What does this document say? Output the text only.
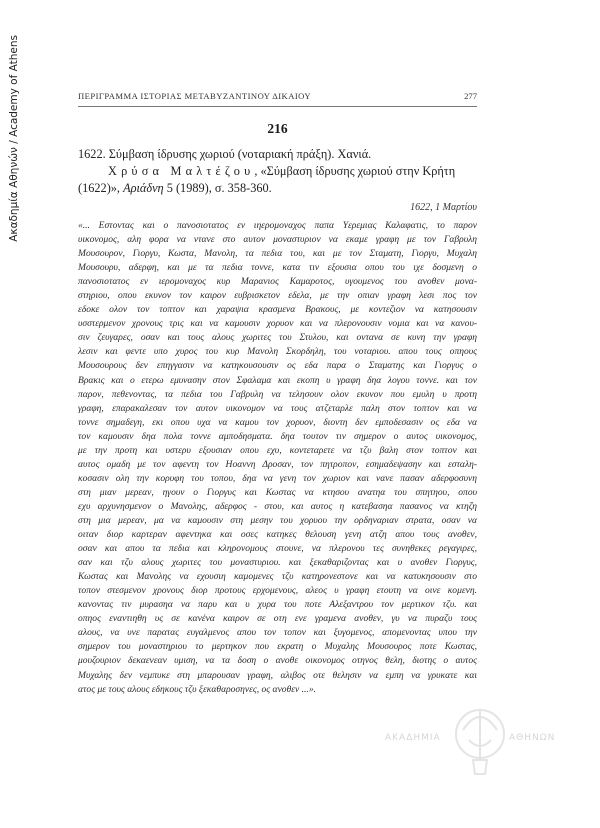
Ακαδημία Αθηνών / Academy of Athens	ΠΕΡΙΓΡΑΜΜΑ ΙΣΤΟΡΙΑΣ ΜΕΤΑΒΥΖΑΝΤΙΝΟΥ ΔΙΚΑΙΟΥ	277
216
1622. Σύμβαση ίδρυσης χωριού (νοταριακή πράξη). Χανιά.
Χρύσα Μαλτέζου, «Σύμβαση ίδρυσης χωριού στην Κρήτη
(1622)», Αριάδνη 5 (1989), σ. 358-360.
1622, 1 Μαρτίου
«... Εστοντας και ο πανοσιοτατος εν ιηερομοναχος παπα Υερεμιας Καλαφατις, το παρον
υικονομος, αλη φορα να ντανε στο αυτον μοναστυριον να εκαμε γραφη με τον Γαβρυλη
Μουσουρον, Γιοργυ, Κωστα, Μανολη, τα πεδια του, και με τον Σταματη, Γιοργυ, Μυχαλη
Μουσουρυ, αδερφη, και με τα πεδια τοννε, κατα τιν εξουσια οπου του ιχε δοσμενη ο
πανοσιοτατος εν ιερομοναχος κυρ Μαρανιος Καμαροτος, υγουμενος του ανοθεν μονα-
στηριου, οπου εκυνον τον καιρον ευβρισκετον εδελα, με την οπιαν γραφη λεσι πος τον
εδοκε ολον τον τοπτον και χαραψια κρασμενα Βρακους, με κοντεζιον να κατησουσιν
υσστερμενον χρονους τρις και να καμουσιν χορυον και να πλερονουσιν νομια και να κανου-
σιν ζευγαρες, οσαν και τους αλους χωριτες του Στυλου, και οντανα σε κυνη την γραφη
λεσιν και φεντε υπο χυρος του κυρ Μανολη Σκορδηλη, του νοταριου. απου τους οπηους
Μουσουρους δεν επηγγασιν να κατηκουσουσιν ος εδα παρα ο Σταματης και Γιοργυς ο
Βρακις και ο ετερω εμυνασην στον Σφαλαμα και εκοπη υ γραφη δηα λογου τοννε. και τον
παρον, πεθενοντας, τα πεδια του Γαβρυλη να τελησουν ολον εκυνον που εμυλη υ προτη
γραφη, επαρακαλεσαν τον αυτον υικονομον να τους ατζεταρλε παλη στον τοπτον και να
τοννε σημαδεγη, εκι οπου υχα να καμου τον χορυον, διοντη δεν εμποδεσασιν ος εδα να
τον καμουσιν δηα πολα τοννε αμποδησματα. δηα τουτον τιν σημερον ο αυτος υικονομος,
με την προτη και υστερυ εξουσιαν οπου εχυ, κοντεταρετε να τζυ βαλη στον τοπτον και
αυτος ομαδη με τον αφεντη τον Ηοαννη Δροσαν, τον πητροπον, εσημαδεψασην και εσταλη-
κοσασιν ολη την κορυφη του τοπου, δηα να γενη τον χωριον και νανε πασαν αδερφοσυνη
στη μιαν μερεαν, ηγουν ο Γιοργυς και Κωστας να κτησου ανατηα του σπητηου, οπου
εχυ αρχυνησμενον ο Μανολης, αδερφος - στου, και αυτος η κατεβασηα πασανος να κτηζη
στη μια μερεαν, μα να καμουσιν στη μεσην του χορυου την ορδηναριαν στρατα, οσαν να
οιταν διορ καρτεραν αφεντηκα και οσες κατηκες θελουση γενη ατζη απου τους ανοθεν,
οσαν και απου τα πεδια και κληρονομους στουνε, να πλερονου τες συνηθεκες ρεγαγιρες,
σαν και τζυ αλους χωριτες του μοναστυριου. και ξεκαθαριζοντας και υ ανοθεν Γιοργυς,
Κωστας και Μανολης να εχουσιη καμομενες τζυ κατηρονεστονε και να κατυκησουσιν στο
τοπον στεσμενον χρονους διορ προτους ερχομενους, αλεος υ γραφη ετουτη να οινε κομενη.
κανοντας τιν μυρασηα να παρυ και υ χυρα του ποτε Αλεξαντρου τον μερτικον τζυ. και
οπηος εναντιηθη υς σε κανένα καιρον σε οτη ενε γραμενα ανοθεν, γυ να πυραζυ τους
αλους, να υνε παρατας ευγαλμενος απου τον τοπον και ξυγομενος, απομενοντας υπου την
σημερον του μοναστηριου το μερτηκον που εκρατη ο Μυχαλης Μουσουρος ποτε Κωστας,
μουζουριον δεκαενεαν υμιση, να τα δοση ο ανοθε οικονομος οτηνος θελη, διοτης ο αυτος
Μυχαλης δεν νεμπυκε στη μπαρουσαν γραφη, αλιβος οτε θελησιν να εμπη να γρυκατε και
ατος με τους αλους εδηκους τζυ ξεκαθαροσηνες, ος ανοθεν ...».
ΑΚΑΔΗΜΙΑ	ΑΘΗΝΩΝ
